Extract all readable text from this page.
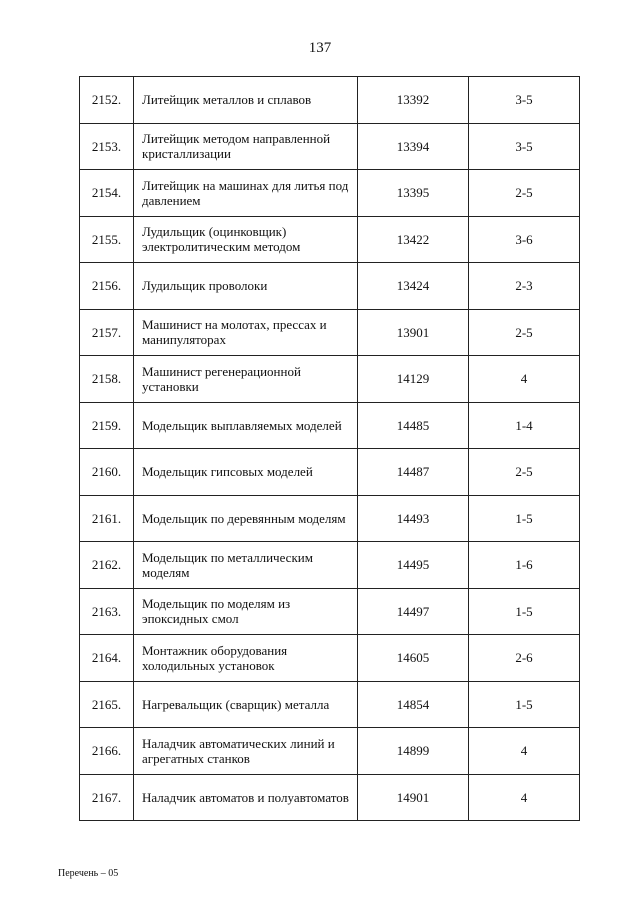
137
2152.	Литейщик металлов и сплавов	13392	3-5
2153.	Литейщик методом направленной кристаллизации	13394	3-5
2154.	Литейщик на машинах для литья под давлением	13395	2-5
2155.	Лудильщик (оцинковщик) электролитическим методом	13422	3-6
2156.	Лудильщик проволоки	13424	2-3
2157.	Машинист на молотах, прессах и манипуляторах	13901	2-5
2158.	Машинист регенерационной установки	14129	4
2159.	Модельщик выплавляемых моделей	14485	1-4
2160.	Модельщик гипсовых моделей	14487	2-5
2161.	Модельщик по деревянным моделям	14493	1-5
2162.	Модельщик по металлическим моделям	14495	1-6
2163.	Модельщик по моделям из эпоксидных смол	14497	1-5
2164.	Монтажник оборудования холодильных установок	14605	2-6
2165.	Нагревальщик (сварщик) металла	14854	1-5
2166.	Наладчик автоматических линий и агрегатных станков	14899	4
2167.	Наладчик автоматов и полуавтоматов	14901	4
Перечень – 05
